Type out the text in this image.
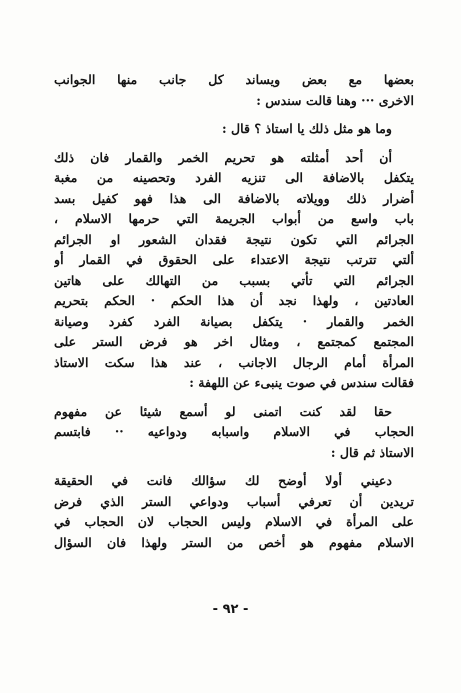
بعضها مع بعض ويساند كل جانب منها الجوانب
الاخرى ··· وهنا قالت سندس :
وما هو مثل ذلك يا استاذ ؟ قال :
أن أحد أمثلته هو تحريم الخمر والقمار فان ذلك
يتكفل بالاضافة الى تنزيه الفرد وتحصينه من مغبة
أضرار ذلك وويلاته بالاضافة الى هذا فهو كفيل بسد
باب واسع من أبواب الجريمة التي حرمها الاسلام ،
الجرائم التي تكون نتيجة فقدان الشعور او الجرائم
ألتي تترتب نتيجة الاعتداء على الحقوق في القمار أو
الجرائم التي تأتي بسبب من التهالك على هاتين
العادتين ، ولهذا نجد أن هذا الحكم · الحكم بتحريم
الخمر والقمار · يتكفل بصيانة الفرد كفرد وصيانة
المجتمع كمجتمع ، ومثال اخر هو فرض الستر على
المرأة أمام الرجال الاجانب ، عند هذا سكت الاستاذ
فقالت سندس في صوت ينبىء عن اللهفة :
حقا لقد كنت اتمنى لو أسمع شيئا عن مفهوم
الحجاب في الاسلام واسبابه ودواعيه ·· فابتسم
الاستاذ ثم قال :
دعيني أولا أوضح لك سؤالك فانت في الحقيقة
تريدين أن تعرفي أسباب ودواعي الستر الذي فرض
على المرأة في الاسلام وليس الحجاب لان الحجاب في
الاسلام مفهوم هو أخص من الستر ولهذا فان السؤال
- ٩٢ -
